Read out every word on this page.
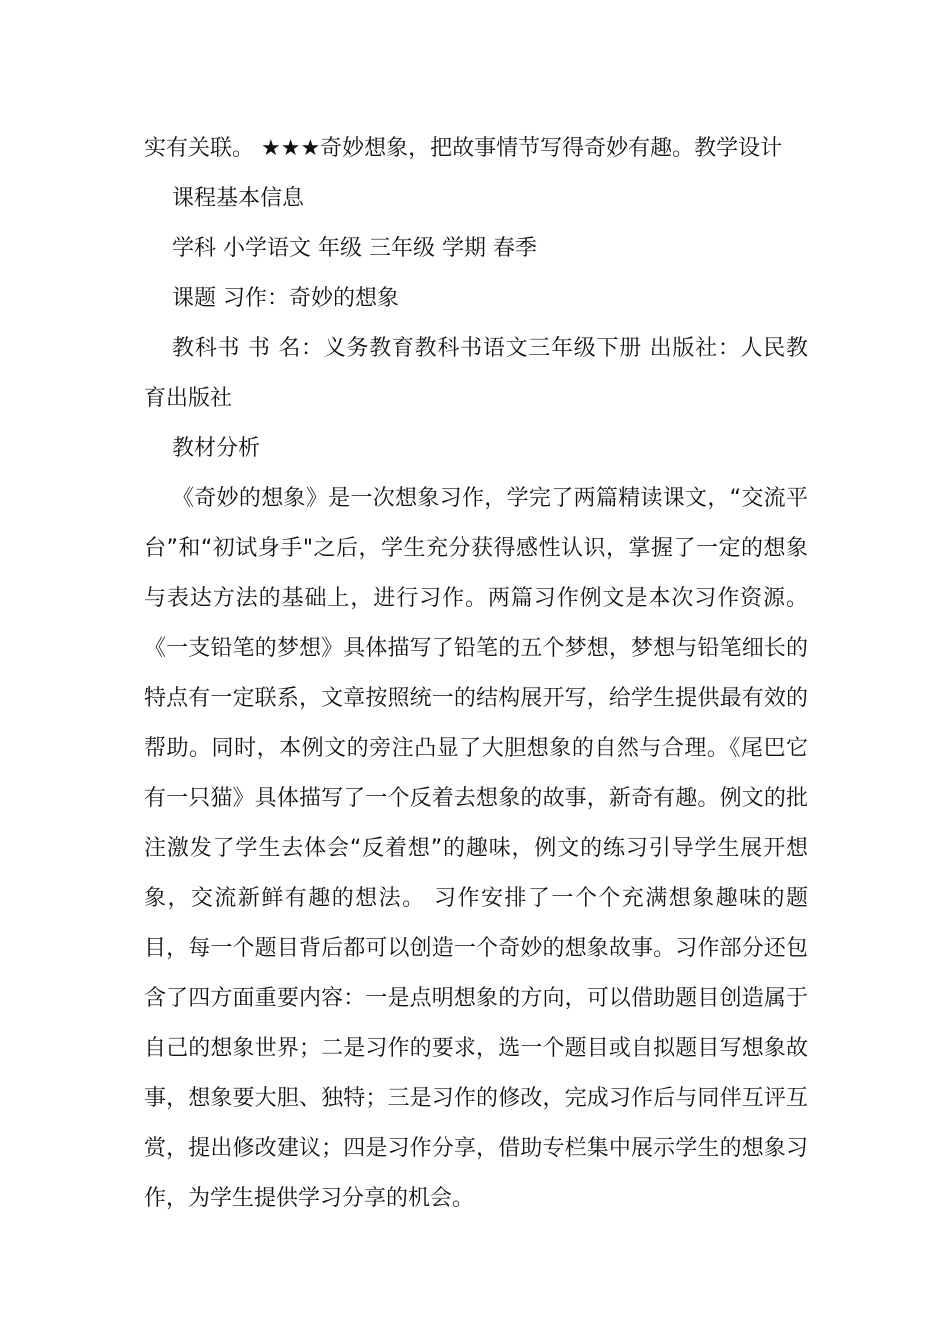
实有关联。 ★★★奇妙想象，把故事情节写得奇妙有趣。教学设计

课程基本信息

学科 小学语文 年级 三年级 学期 春季

课题 习作：奇妙的想象

教科书 书 名：义务教育教科书语文三年级下册 出版社：人民教育出版社

教材分析

《奇妙的想象》是一次想象习作，学完了两篇精读课文，“交流平台”和“初试身手"之后，学生充分获得感性认识，掌握了一定的想象与表达方法的基础上，进行习作。两篇习作例文是本次习作资源。《一支铅笔的梦想》具体描写了铅笔的五个梦想，梦想与铅笔细长的特点有一定联系，文章按照统一的结构展开写，给学生提供最有效的帮助。同时，本例文的旁注凸显了大胆想象的自然与合理。《尾巴它有一只猫》具体描写了一个反着去想象的故事，新奇有趣。例文的批注激发了学生去体会“反着想”的趣味，例文的练习引导学生展开想象，交流新鲜有趣的想法。 习作安排了一个个充满想象趣味的题目，每一个题目背后都可以创造一个奇妙的想象故事。习作部分还包含了四方面重要内容：一是点明想象的方向，可以借助题目创造属于自己的想象世界；二是习作的要求，选一个题目或自拟题目写想象故事，想象要大胆、独特；三是习作的修改，完成习作后与同伴互评互赏，提出修改建议；四是习作分享，借助专栏集中展示学生的想象习作，为学生提供学习分享的机会。
